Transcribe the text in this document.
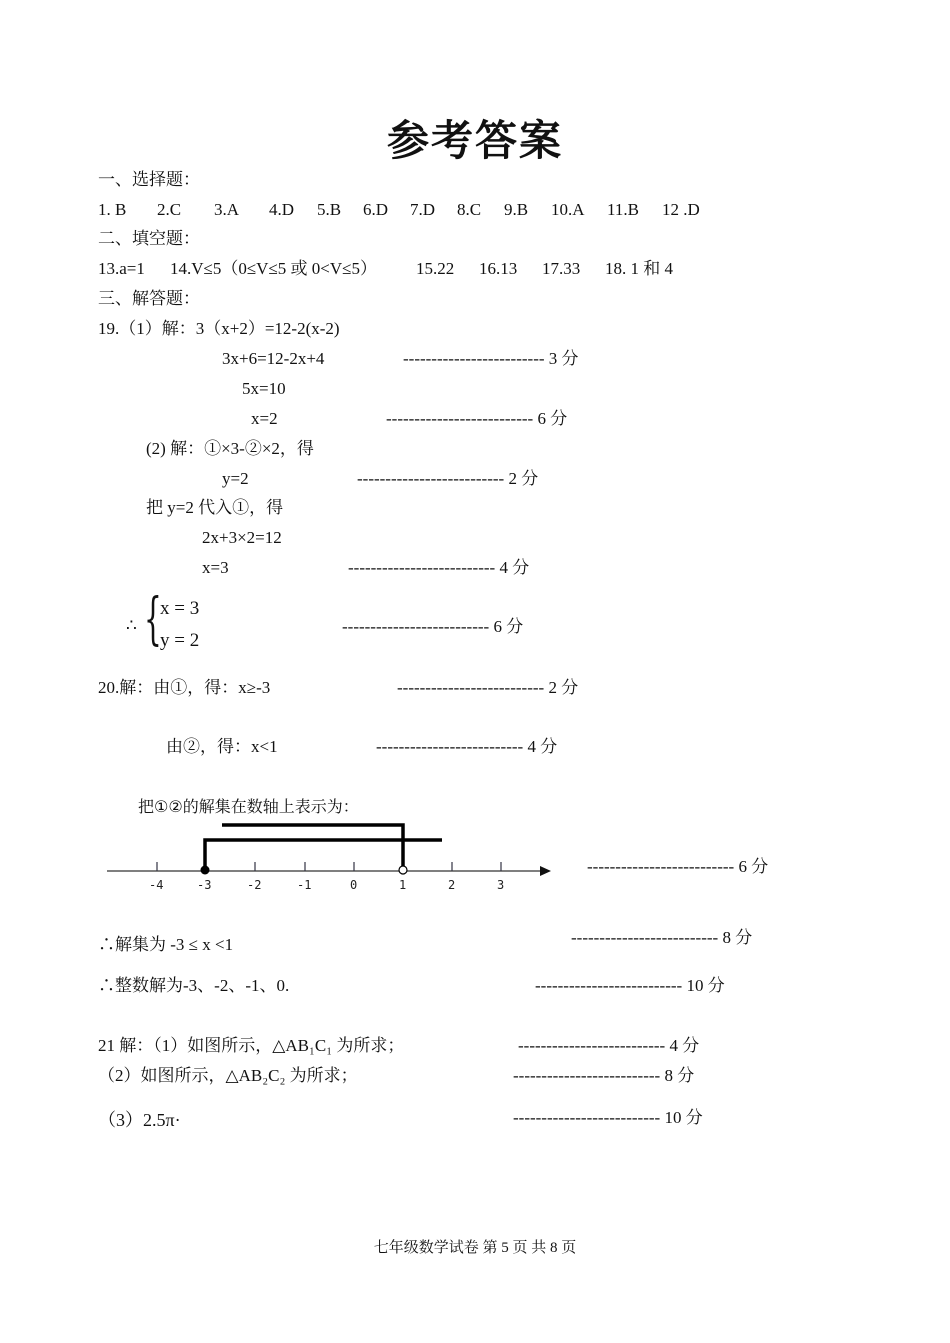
参考答案
一、选择题：
1. B 2.C 3.A 4.D 5.B 6.D 7.D 8.C 9.B 10.A 11.B 12 .D
二、填空题：
13.a=1 14.V≤5（0≤V≤5 或 0<V≤5） 15.22 16.13 17.33 18. 1 和 4
三、解答题：
19.（1）解：3（x+2）=12-2(x-2)
3x+6=12-2x+4	------------------------- 3 分
5x=10
x=2	-------------------------- 6 分
(2) 解：①×3-②×2，得
y=2	-------------------------- 2 分
把 y=2 代入①，得
2x+3×2=12
x=3	-------------------------- 4 分
∴ {
x = 3
y = 2
-------------------------- 6 分
20.解：由①，得：x≥-3	-------------------------- 2 分
由②，得：x<1	-------------------------- 4 分
把①②的解集在数轴上表示为：
-4	-3	-2	-1	0	1	2	3
-------------------------- 6 分
∴解集为 -3 ≤ x <1	-------------------------- 8 分
∴整数解为-3、-2、-1、0.	-------------------------- 10 分
21 解：（1）如图所示，△AB₁C₁ 为所求；	-------------------------- 4 分
（2）如图所示，△AB₂C₂ 为所求；	-------------------------- 8 分
（3）2.5π·	-------------------------- 10 分
七年级数学试卷 第 5 页 共 8 页
